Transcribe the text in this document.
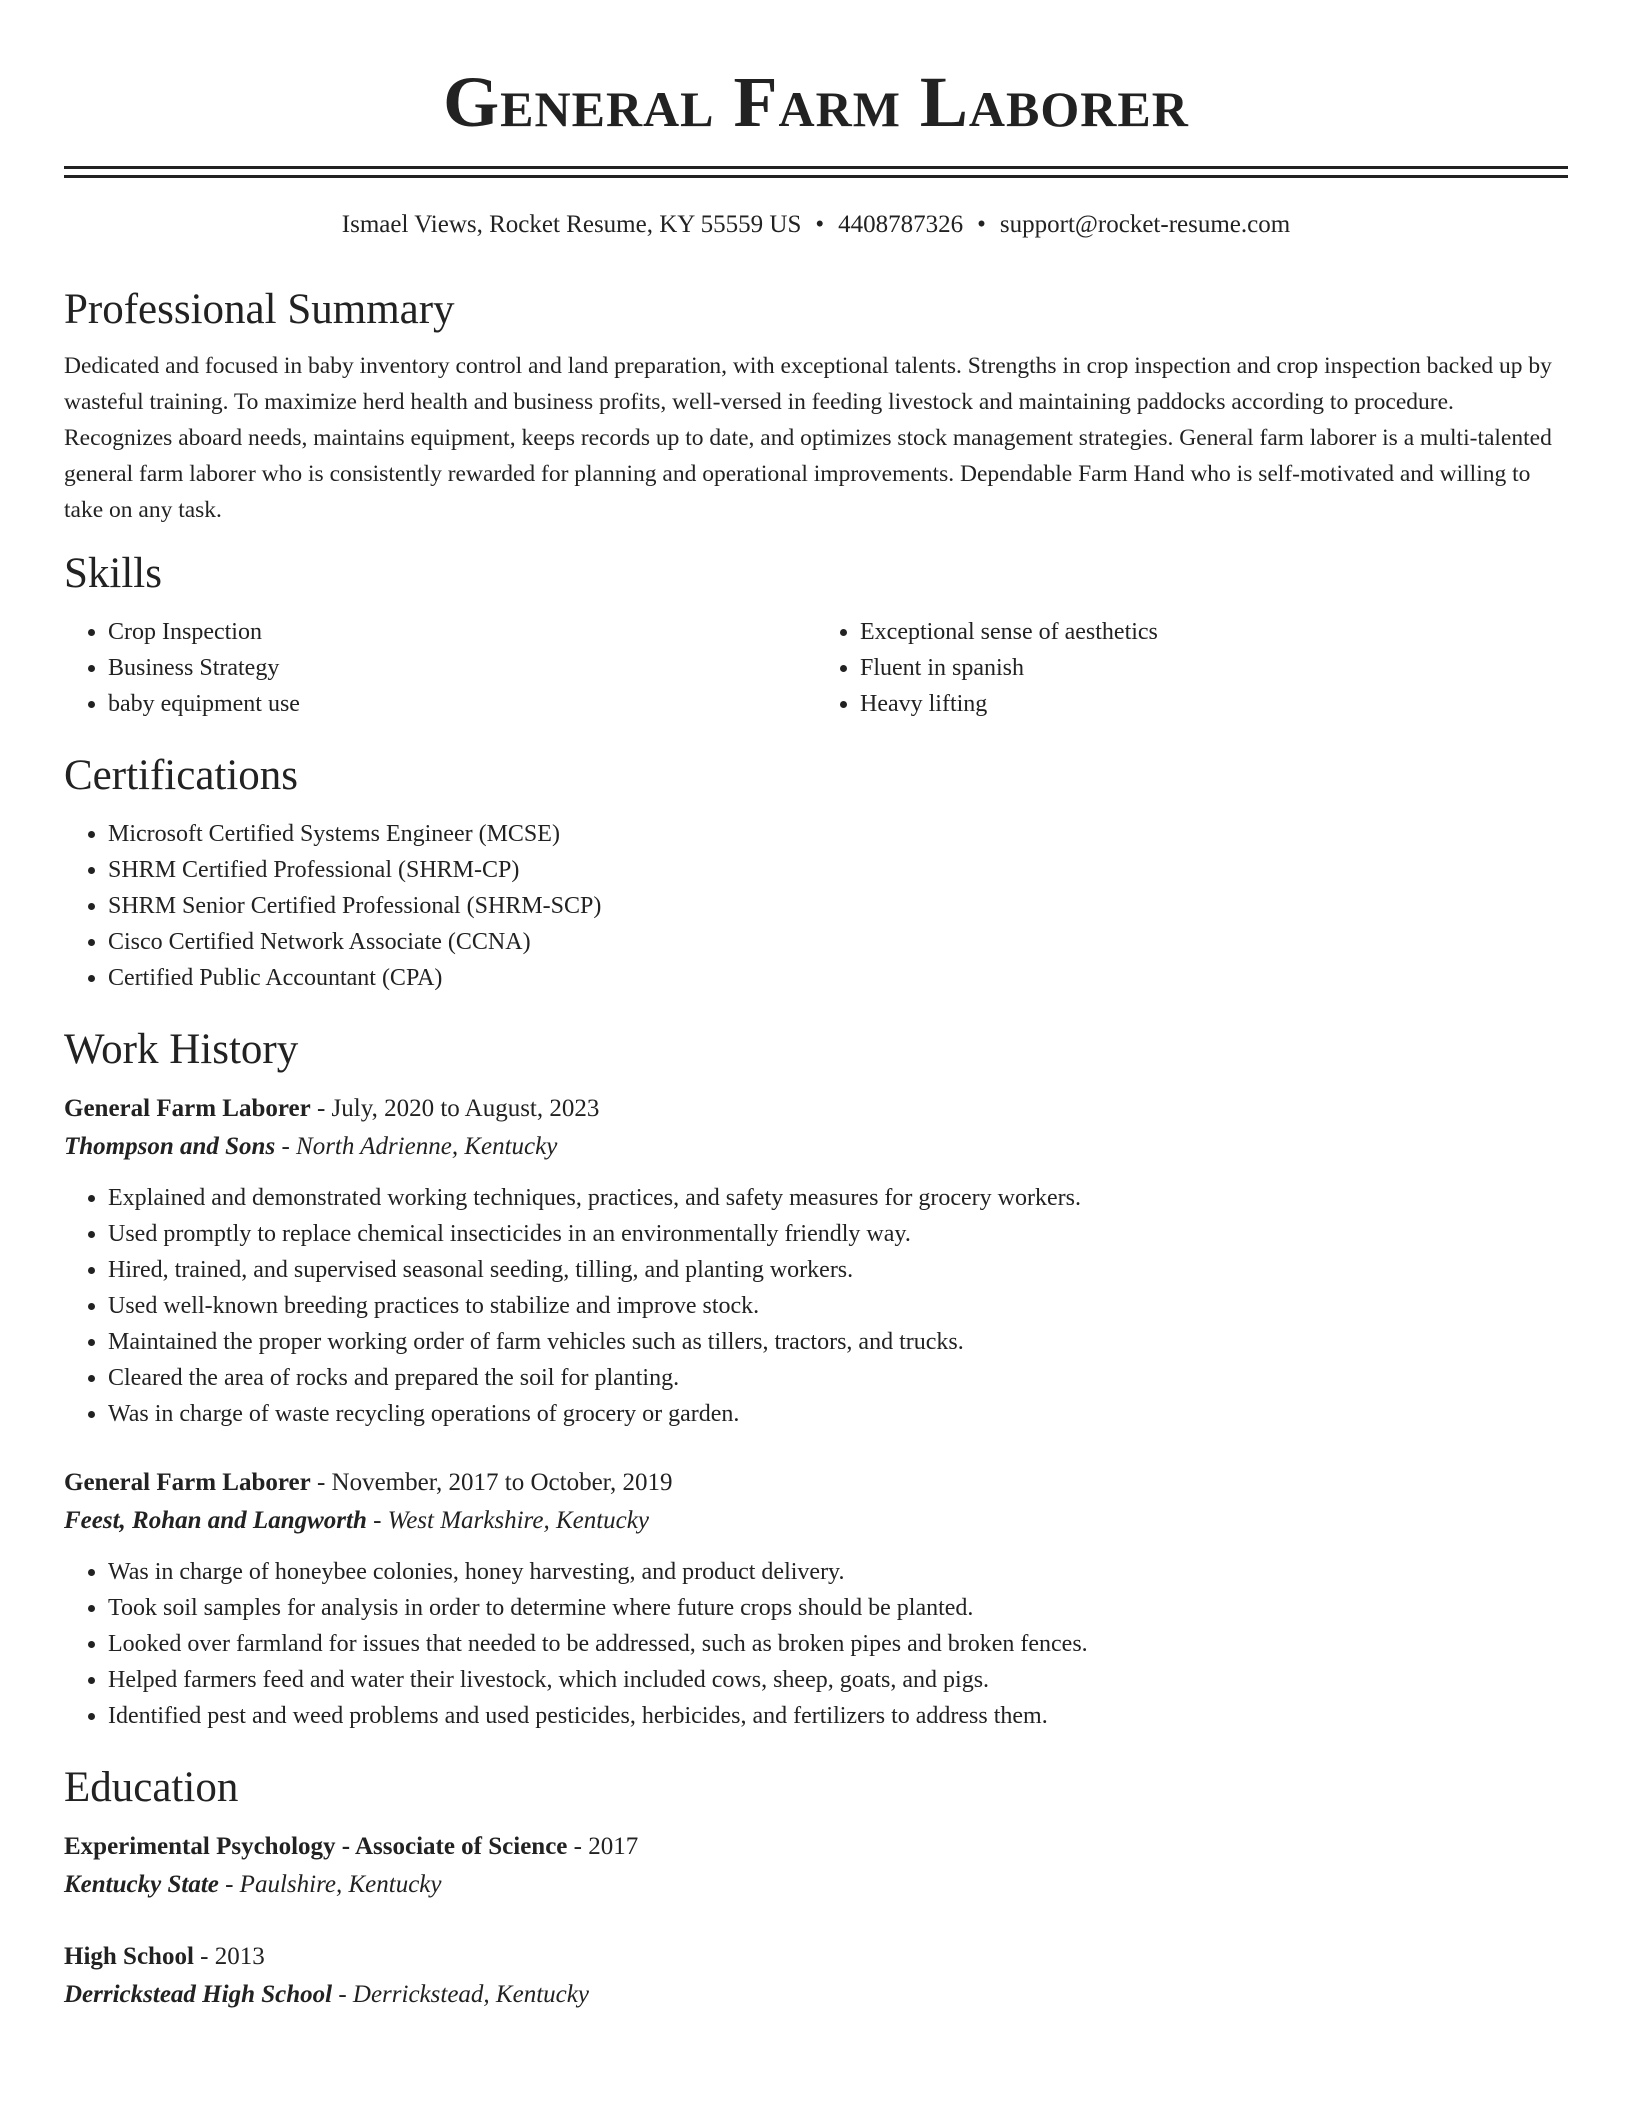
General Farm Laborer
Ismael Views, Rocket Resume, KY 55559 US • 4408787326 • support@rocket-resume.com
Professional Summary

Dedicated and focused in baby inventory control and land preparation, with exceptional talents. Strengths in crop inspection and crop inspection backed up by wasteful training. To maximize herd health and business profits, well-versed in feeding livestock and maintaining paddocks according to procedure. Recognizes aboard needs, maintains equipment, keeps records up to date, and optimizes stock management strategies. General farm laborer is a multi-talented general farm laborer who is consistently rewarded for planning and operational improvements. Dependable Farm Hand who is self-motivated and willing to take on any task.

Skills
• Crop Inspection
• Business Strategy
• baby equipment use
• Exceptional sense of aesthetics
• Fluent in spanish
• Heavy lifting
Certifications
• Microsoft Certified Systems Engineer (MCSE)
• SHRM Certified Professional (SHRM-CP)
• SHRM Senior Certified Professional (SHRM-SCP)
• Cisco Certified Network Associate (CCNA)
• Certified Public Accountant (CPA)
Work History
General Farm Laborer - July, 2020 to August, 2023
Thompson and Sons - North Adrienne, Kentucky
• Explained and demonstrated working techniques, practices, and safety measures for grocery workers.
• Used promptly to replace chemical insecticides in an environmentally friendly way.
• Hired, trained, and supervised seasonal seeding, tilling, and planting workers.
• Used well-known breeding practices to stabilize and improve stock.
• Maintained the proper working order of farm vehicles such as tillers, tractors, and trucks.
• Cleared the area of rocks and prepared the soil for planting.
• Was in charge of waste recycling operations of grocery or garden.
General Farm Laborer - November, 2017 to October, 2019
Feest, Rohan and Langworth - West Markshire, Kentucky
• Was in charge of honeybee colonies, honey harvesting, and product delivery.
• Took soil samples for analysis in order to determine where future crops should be planted.
• Looked over farmland for issues that needed to be addressed, such as broken pipes and broken fences.
• Helped farmers feed and water their livestock, which included cows, sheep, goats, and pigs.
• Identified pest and weed problems and used pesticides, herbicides, and fertilizers to address them.
Education
Experimental Psychology - Associate of Science - 2017
Kentucky State - Paulshire, Kentucky
High School - 2013
Derrickstead High School - Derrickstead, Kentucky
